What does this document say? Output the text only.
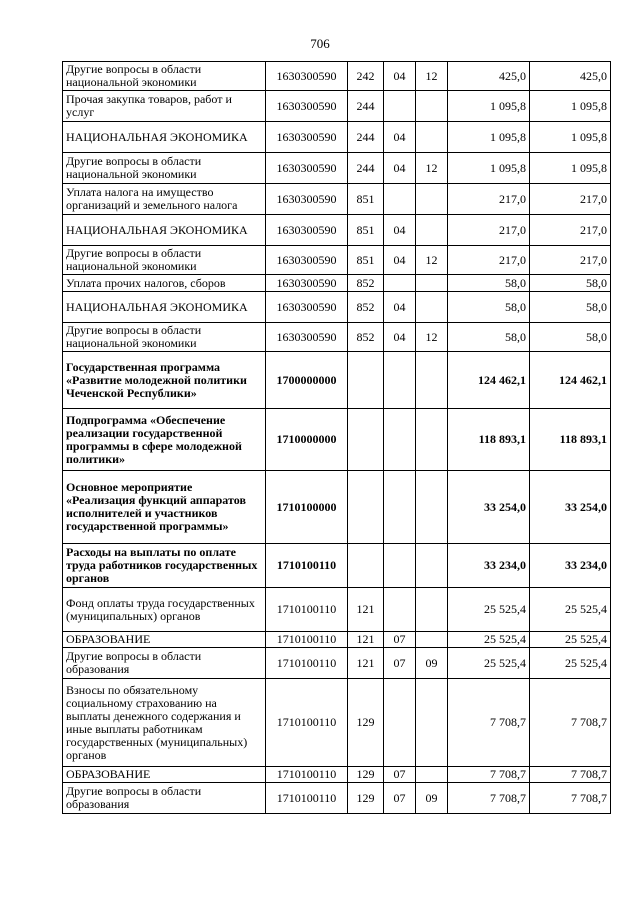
706
Другие вопросы в области национальной экономики	1630300590	242	04	12	425,0	425,0
Прочая закупка товаров, работ и услуг	1630300590	244			1 095,8	1 095,8
НАЦИОНАЛЬНАЯ ЭКОНОМИКА	1630300590	244	04		1 095,8	1 095,8
Другие вопросы в области национальной экономики	1630300590	244	04	12	1 095,8	1 095,8
Уплата налога на имущество организаций и земельного налога	1630300590	851			217,0	217,0
НАЦИОНАЛЬНАЯ ЭКОНОМИКА	1630300590	851	04		217,0	217,0
Другие вопросы в области национальной экономики	1630300590	851	04	12	217,0	217,0
Уплата прочих налогов, сборов	1630300590	852			58,0	58,0
НАЦИОНАЛЬНАЯ ЭКОНОМИКА	1630300590	852	04		58,0	58,0
Другие вопросы в области национальной экономики	1630300590	852	04	12	58,0	58,0
Государственная программа «Развитие молодежной политики Чеченской Республики»	1700000000				124 462,1	124 462,1
Подпрограмма «Обеспечение реализации государственной программы в сфере молодежной политики»	1710000000				118 893,1	118 893,1
Основное мероприятие «Реализация функций аппаратов исполнителей и участников государственной программы»	1710100000				33 254,0	33 254,0
Расходы на выплаты по оплате труда работников государственных органов	1710100110				33 234,0	33 234,0
Фонд оплаты труда государственных (муниципальных) органов	1710100110	121			25 525,4	25 525,4
ОБРАЗОВАНИЕ	1710100110	121	07		25 525,4	25 525,4
Другие вопросы в области образования	1710100110	121	07	09	25 525,4	25 525,4
Взносы по обязательному социальному страхованию на выплаты денежного содержания и иные выплаты работникам государственных (муниципальных) органов	1710100110	129			7 708,7	7 708,7
ОБРАЗОВАНИЕ	1710100110	129	07		7 708,7	7 708,7
Другие вопросы в области образования	1710100110	129	07	09	7 708,7	7 708,7
